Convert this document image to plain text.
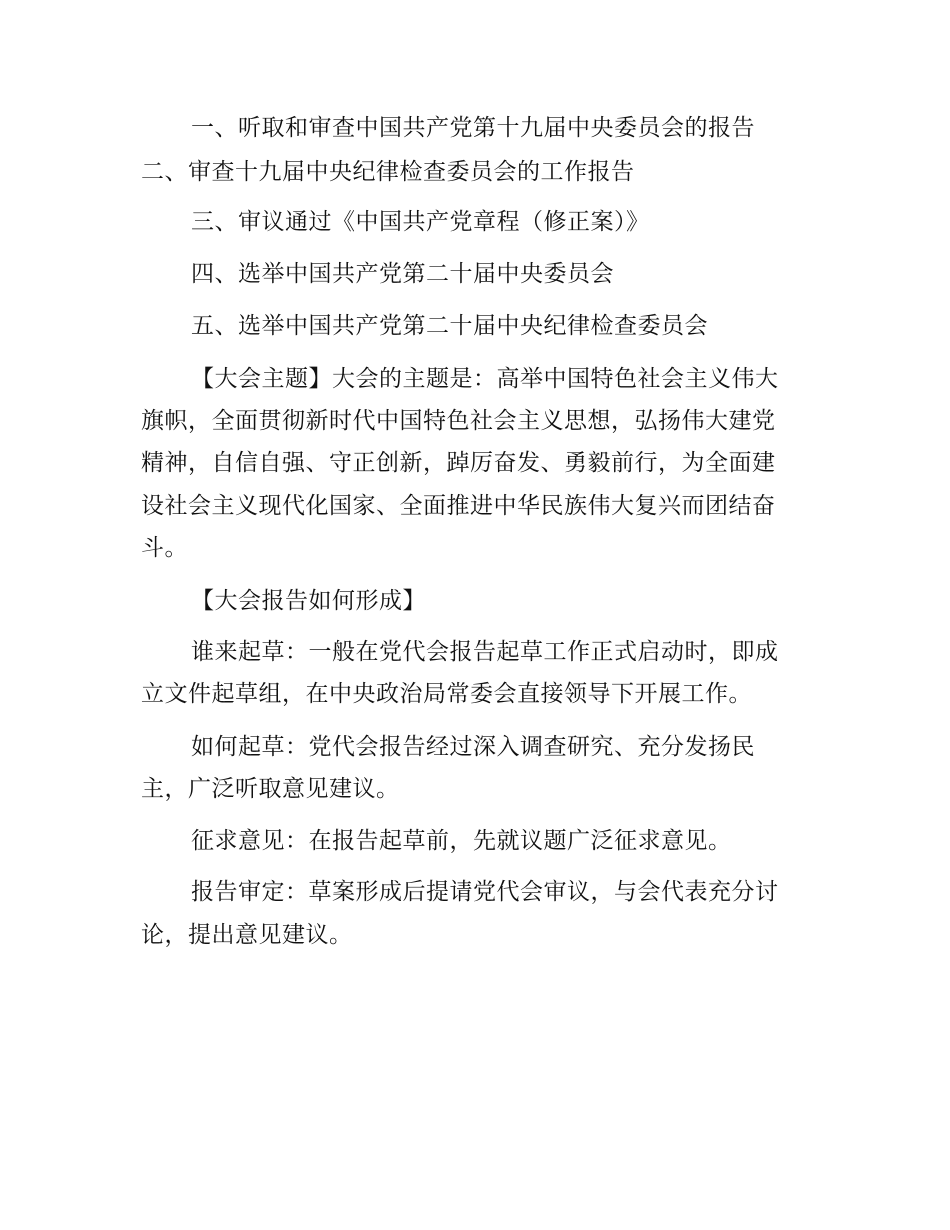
一、听取和审查中国共产党第十九届中央委员会的报告
二、审查十九届中央纪律检查委员会的工作报告
三、审议通过《中国共产党章程（修正案）》
四、选举中国共产党第二十届中央委员会
五、选举中国共产党第二十届中央纪律检查委员会
【大会主题】大会的主题是：高举中国特色社会主义伟大
旗帜，全面贯彻新时代中国特色社会主义思想，弘扬伟大建党
精神，自信自强、守正创新，踔厉奋发、勇毅前行，为全面建
设社会主义现代化国家、全面推进中华民族伟大复兴而团结奋
斗。
【大会报告如何形成】
谁来起草：一般在党代会报告起草工作正式启动时，即成
立文件起草组，在中央政治局常委会直接领导下开展工作。
如何起草：党代会报告经过深入调查研究、充分发扬民
主，广泛听取意见建议。
征求意见：在报告起草前，先就议题广泛征求意见。
报告审定：草案形成后提请党代会审议，与会代表充分讨
论，提出意见建议。
